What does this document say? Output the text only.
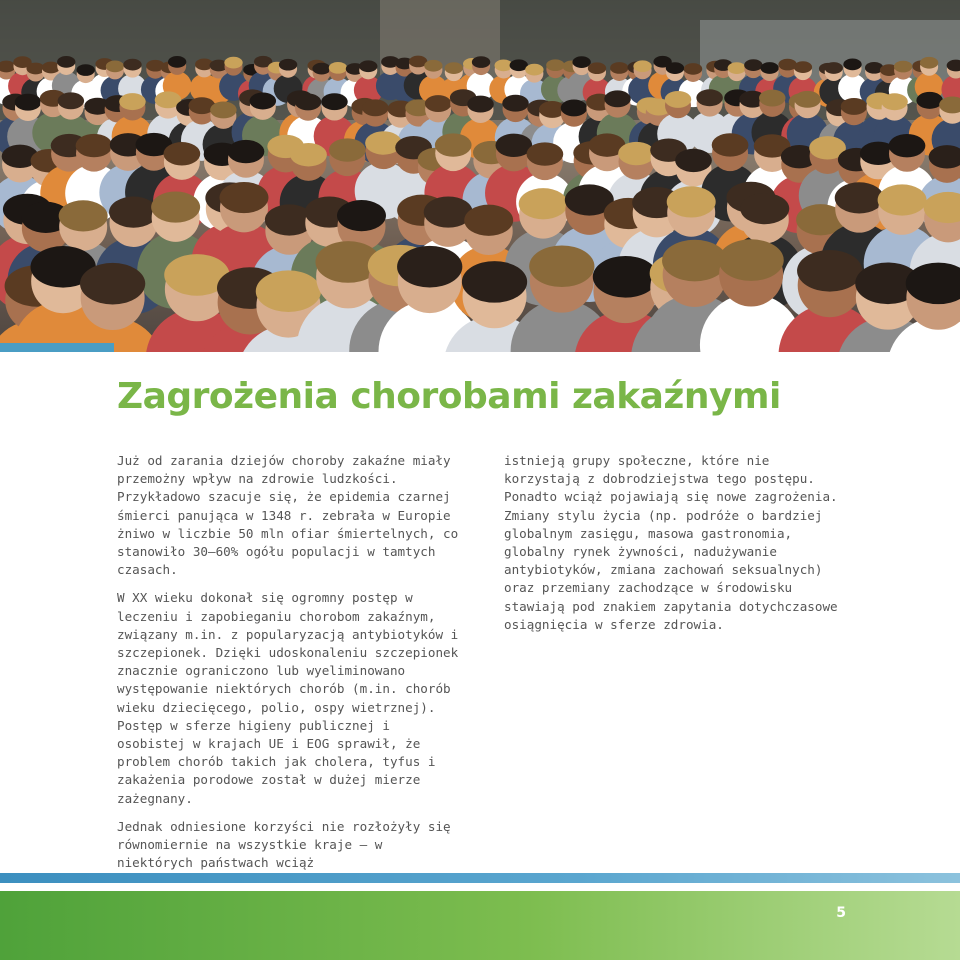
Zagrożenia chorobami zakaźnymi

Już od zarania dziejów choroby zakaźne miały przemożny wpływ na zdrowie ludzkości. Przykładowo szacuje się, że epidemia czarnej śmierci panująca w 1348 r. zebrała w Europie żniwo w liczbie 50 mln ofiar śmiertelnych, co stanowiło 30–60% ogółu populacji w tamtych czasach.

W XX wieku dokonał się ogromny postęp w leczeniu i zapobieganiu chorobom zakaźnym, związany m.in. z popularyzacją antybiotyków i szczepionek. Dzięki udoskonaleniu szczepionek znacznie ograniczono lub wyeliminowano występowanie niektórych chorób (m.in. chorób wieku dziecięcego, polio, ospy wietrznej). Postęp w sferze higieny publicznej i osobistej w krajach UE i EOG sprawił, że problem chorób takich jak cholera, tyfus i zakażenia porodowe został w dużej mierze zażegnany.

Jednak odniesione korzyści nie rozłożyły się równomiernie na wszystkie kraje — w niektórych państwach wciąż

istnieją grupy społeczne, które nie korzystają z dobrodziejstwa tego postępu. Ponadto wciąż pojawiają się nowe zagrożenia. Zmiany stylu życia (np. podróże o bardziej globalnym zasięgu, masowa gastronomia, globalny rynek żywności, nadużywanie antybiotyków, zmiana zachowań seksualnych) oraz przemiany zachodzące w środowisku stawiają pod znakiem zapytania dotychczasowe osiągnięcia w sferze zdrowia.

5
